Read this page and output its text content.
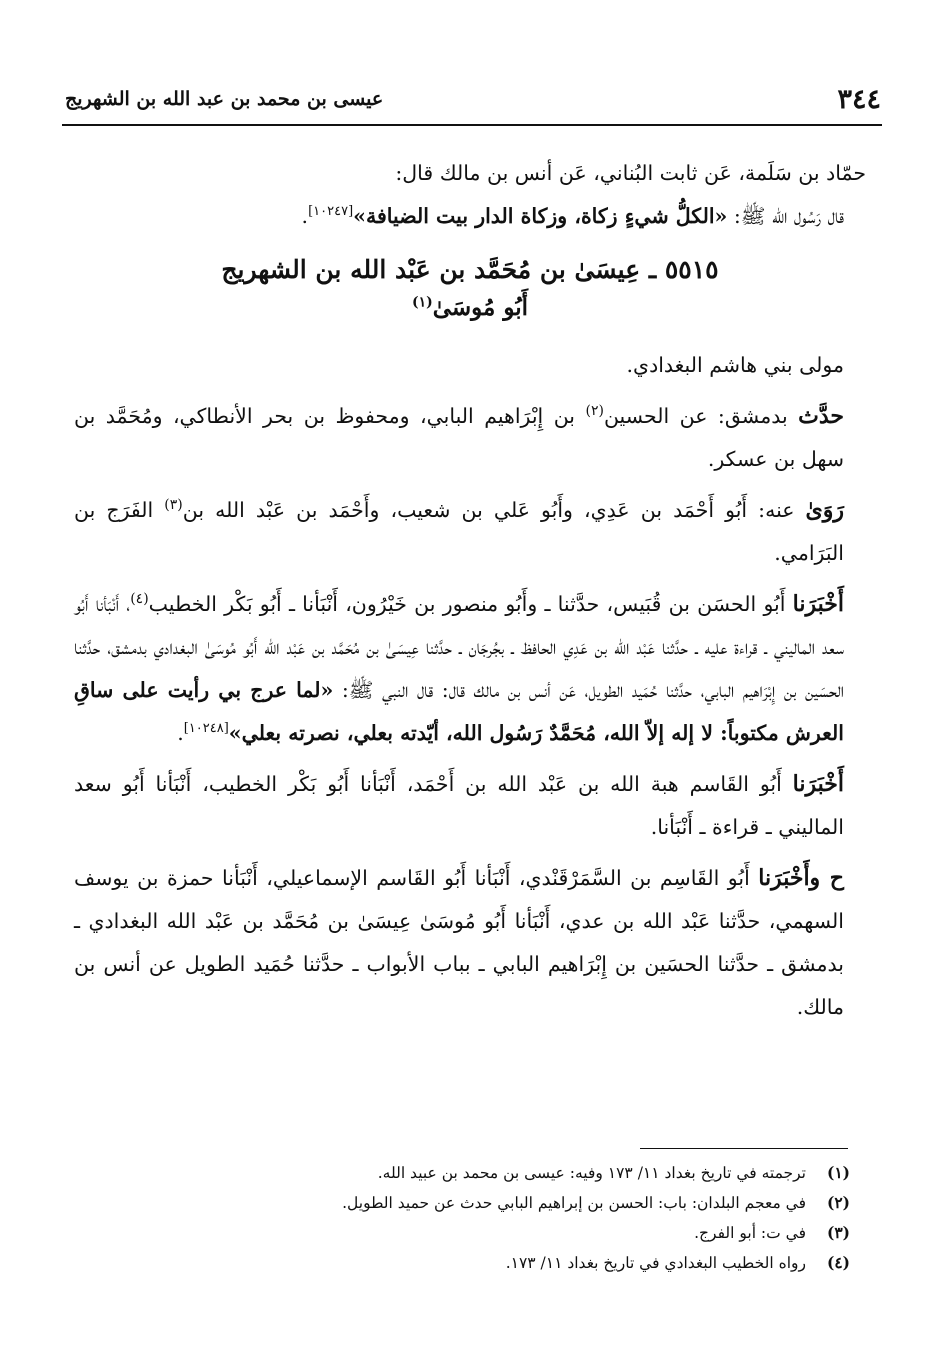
٣٤٤
عيسى بن محمد بن عبد الله بن الشهريج

حمّاد بن سَلَمة، عَن ثابت البُناني، عَن أنس بن مالك قال:

قال رَسُول الله ﷺ: «الكلُّ شيءٍ زكاة، وزكاة الدار بيت الضيافة»[١٠٢٤٧].

٥٥١٥ ـ عِيسَىٰ بن مُحَمَّد بن عَبْد الله بن الشهريج
أَبُو مُوسَىٰ$^{(١)}$

مولى بني هاشم البغدادي.

حدَّث بدمشق: عن الحسين$^{(٢)}$ بن إِبْرَاهيم البابي، ومحفوظ بن بحر الأنطاكي، ومُحَمَّد بن سهل بن عسكر.

رَوَىٰ عنه: أَبُو أَحْمَد بن عَدِي، وأَبُو عَلي بن شعيب، وأَحْمَد بن عَبْد الله بن$^{(٣)}$ الفَرَج بن البَرَامي.

أَخْبَرَنا أَبُو الحسَن بن قُبَيس، حدَّثنا ـ وأَبُو منصور بن خَيْرُون، أَنْبَأنا ـ أَبُو بَكْر الخطيب$^{(٤)}$، أَنْبَأنا أَبُو سعد الماليني ـ قراءة عليه ـ حدَّثنا عَبْد الله بن عَدِي الحافظ ـ بجُرجَان ـ حدَّثنا عِيسَىٰ بن مُحَمَّد بن عَبْد الله أَبُو مُوسَىٰ البغدادي بدمشق، حدَّثنا الحسَين بن إِبْرَاهيم البابي، حدَّثنا حُمَيد الطويل، عَن أنس بن مالك قال: قال النبي ﷺ: «لما عرج بي رأيت على ساقِ العرش مكتوباً: لا إله إلاّ الله، مُحَمَّدٌ رَسُول الله، أيّدته بعلي، نصرته بعلي»[١٠٢٤٨].

أَخْبَرَنا أَبُو القَاسم هبة الله بن عَبْد الله بن أَحْمَد، أَنْبَأنا أَبُو بَكْر الخطيب، أَنْبَأنا أَبُو سعد الماليني ـ قراءة ـ أَنْبَأنا.

ح وأَخْبَرَنا أَبُو القَاسِم بن السَّمَرْقَنْدي، أَنْبَأنا أَبُو القَاسم الإسماعيلي، أَنْبَأنا حمزة بن يوسف السهمي، حدَّثنا عَبْد الله بن عدي، أَنْبَأنا أَبُو مُوسَىٰ عِيسَىٰ بن مُحَمَّد بن عَبْد الله البغدادي ـ بدمشق ـ حدَّثنا الحسَين بن إِبْرَاهيم البابي ـ بباب الأبواب ـ حدَّثنا حُمَيد الطويل عن أنس بن مالك.

(١)
ترجمته في تاريخ بغداد ١١/ ١٧٣ وفيه: عيسى بن محمد بن عبيد الله.
(٢)
في معجم البلدان: باب: الحسن بن إبراهيم البابي حدث عن حميد الطويل.
(٣)
في ت: أبو الفرج.
(٤)
رواه الخطيب البغدادي في تاريخ بغداد ١١/ ١٧٣.
